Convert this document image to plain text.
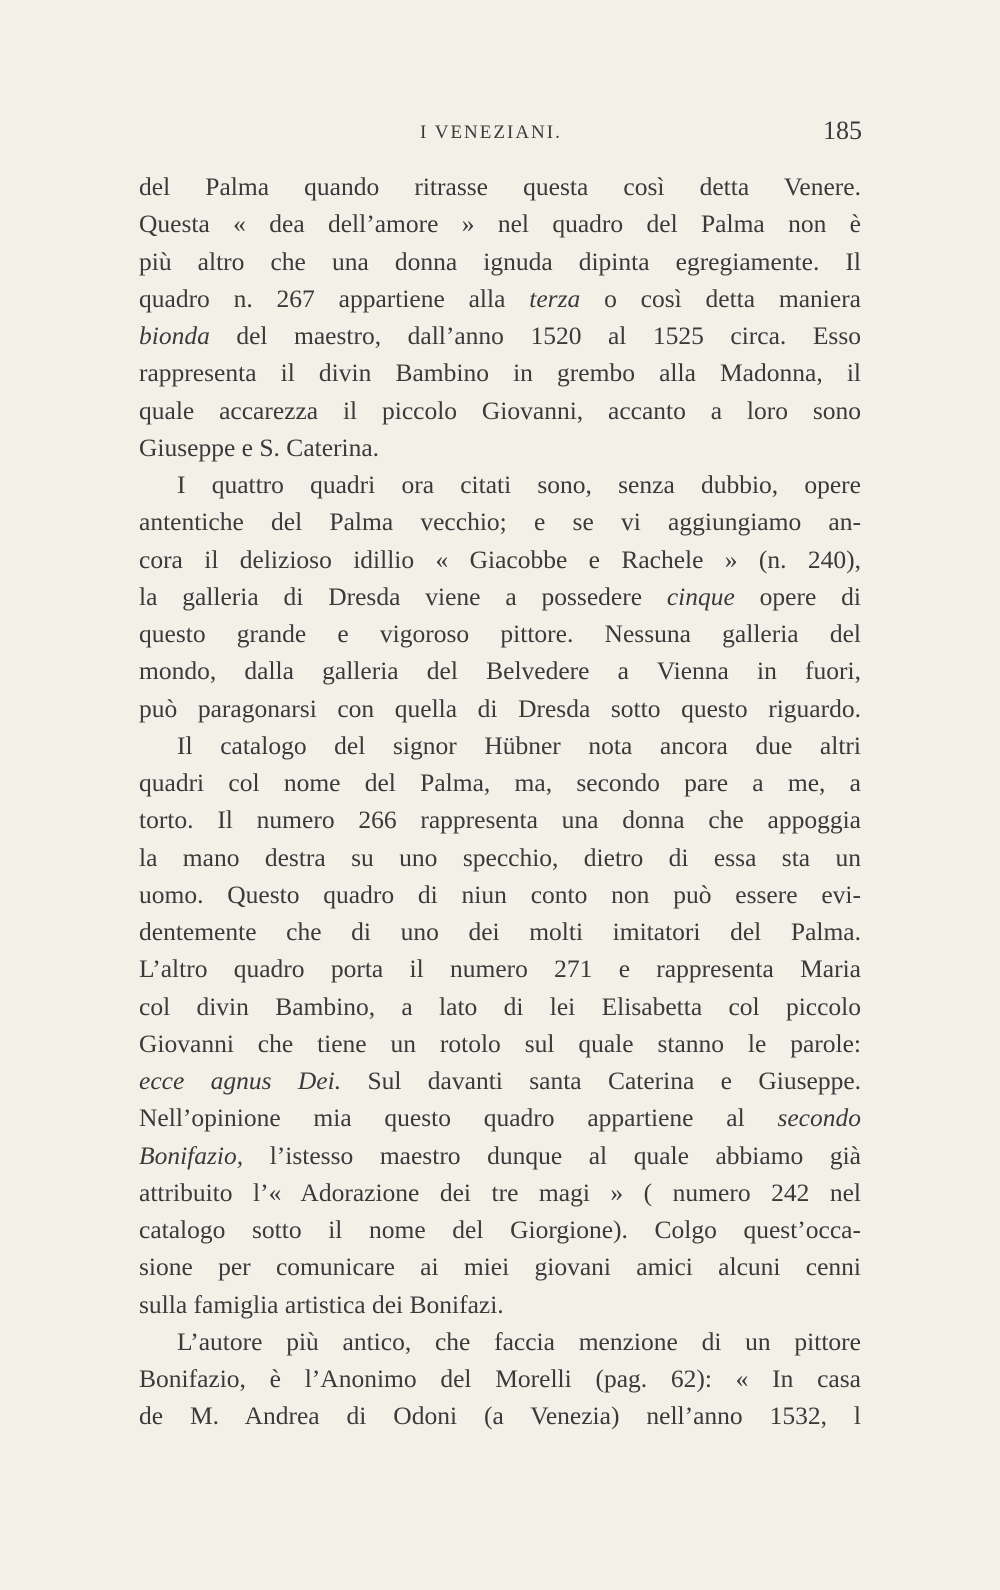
I VENEZIANI.	185
del Palma quando ritrasse questa così detta Venere.
Questa « dea dell’amore » nel quadro del Palma non è
più altro che una donna ignuda dipinta egregiamente. Il
quadro n. 267 appartiene alla terza o così detta maniera
bionda del maestro, dall’anno 1520 al 1525 circa. Esso
rappresenta il divin Bambino in grembo alla Madonna, il
quale accarezza il piccolo Giovanni, accanto a loro sono
Giuseppe e S. Caterina.
I quattro quadri ora citati sono, senza dubbio, opere
antentiche del Palma vecchio; e se vi aggiungiamo an-
cora il delizioso idillio « Giacobbe e Rachele » (n. 240),
la galleria di Dresda viene a possedere cinque opere di
questo grande e vigoroso pittore. Nessuna galleria del
mondo, dalla galleria del Belvedere a Vienna in fuori,
può paragonarsi con quella di Dresda sotto questo riguardo.
Il catalogo del signor Hübner nota ancora due altri
quadri col nome del Palma, ma, secondo pare a me, a
torto. Il numero 266 rappresenta una donna che appoggia
la mano destra su uno specchio, dietro di essa sta un
uomo. Questo quadro di niun conto non può essere evi-
dentemente che di uno dei molti imitatori del Palma.
L’altro quadro porta il numero 271 e rappresenta Maria
col divin Bambino, a lato di lei Elisabetta col piccolo
Giovanni che tiene un rotolo sul quale stanno le parole:
ecce agnus Dei. Sul davanti santa Caterina e Giuseppe.
Nell’opinione mia questo quadro appartiene al secondo
Bonifazio, l’istesso maestro dunque al quale abbiamo già
attribuito l’« Adorazione dei tre magi » ( numero 242 nel
catalogo sotto il nome del Giorgione). Colgo quest’occa-
sione per comunicare ai miei giovani amici alcuni cenni
sulla famiglia artistica dei Bonifazi.
L’autore più antico, che faccia menzione di un pittore
Bonifazio, è l’Anonimo del Morelli (pag. 62): « In casa
de M. Andrea di Odoni (a Venezia) nell’anno 1532, l
